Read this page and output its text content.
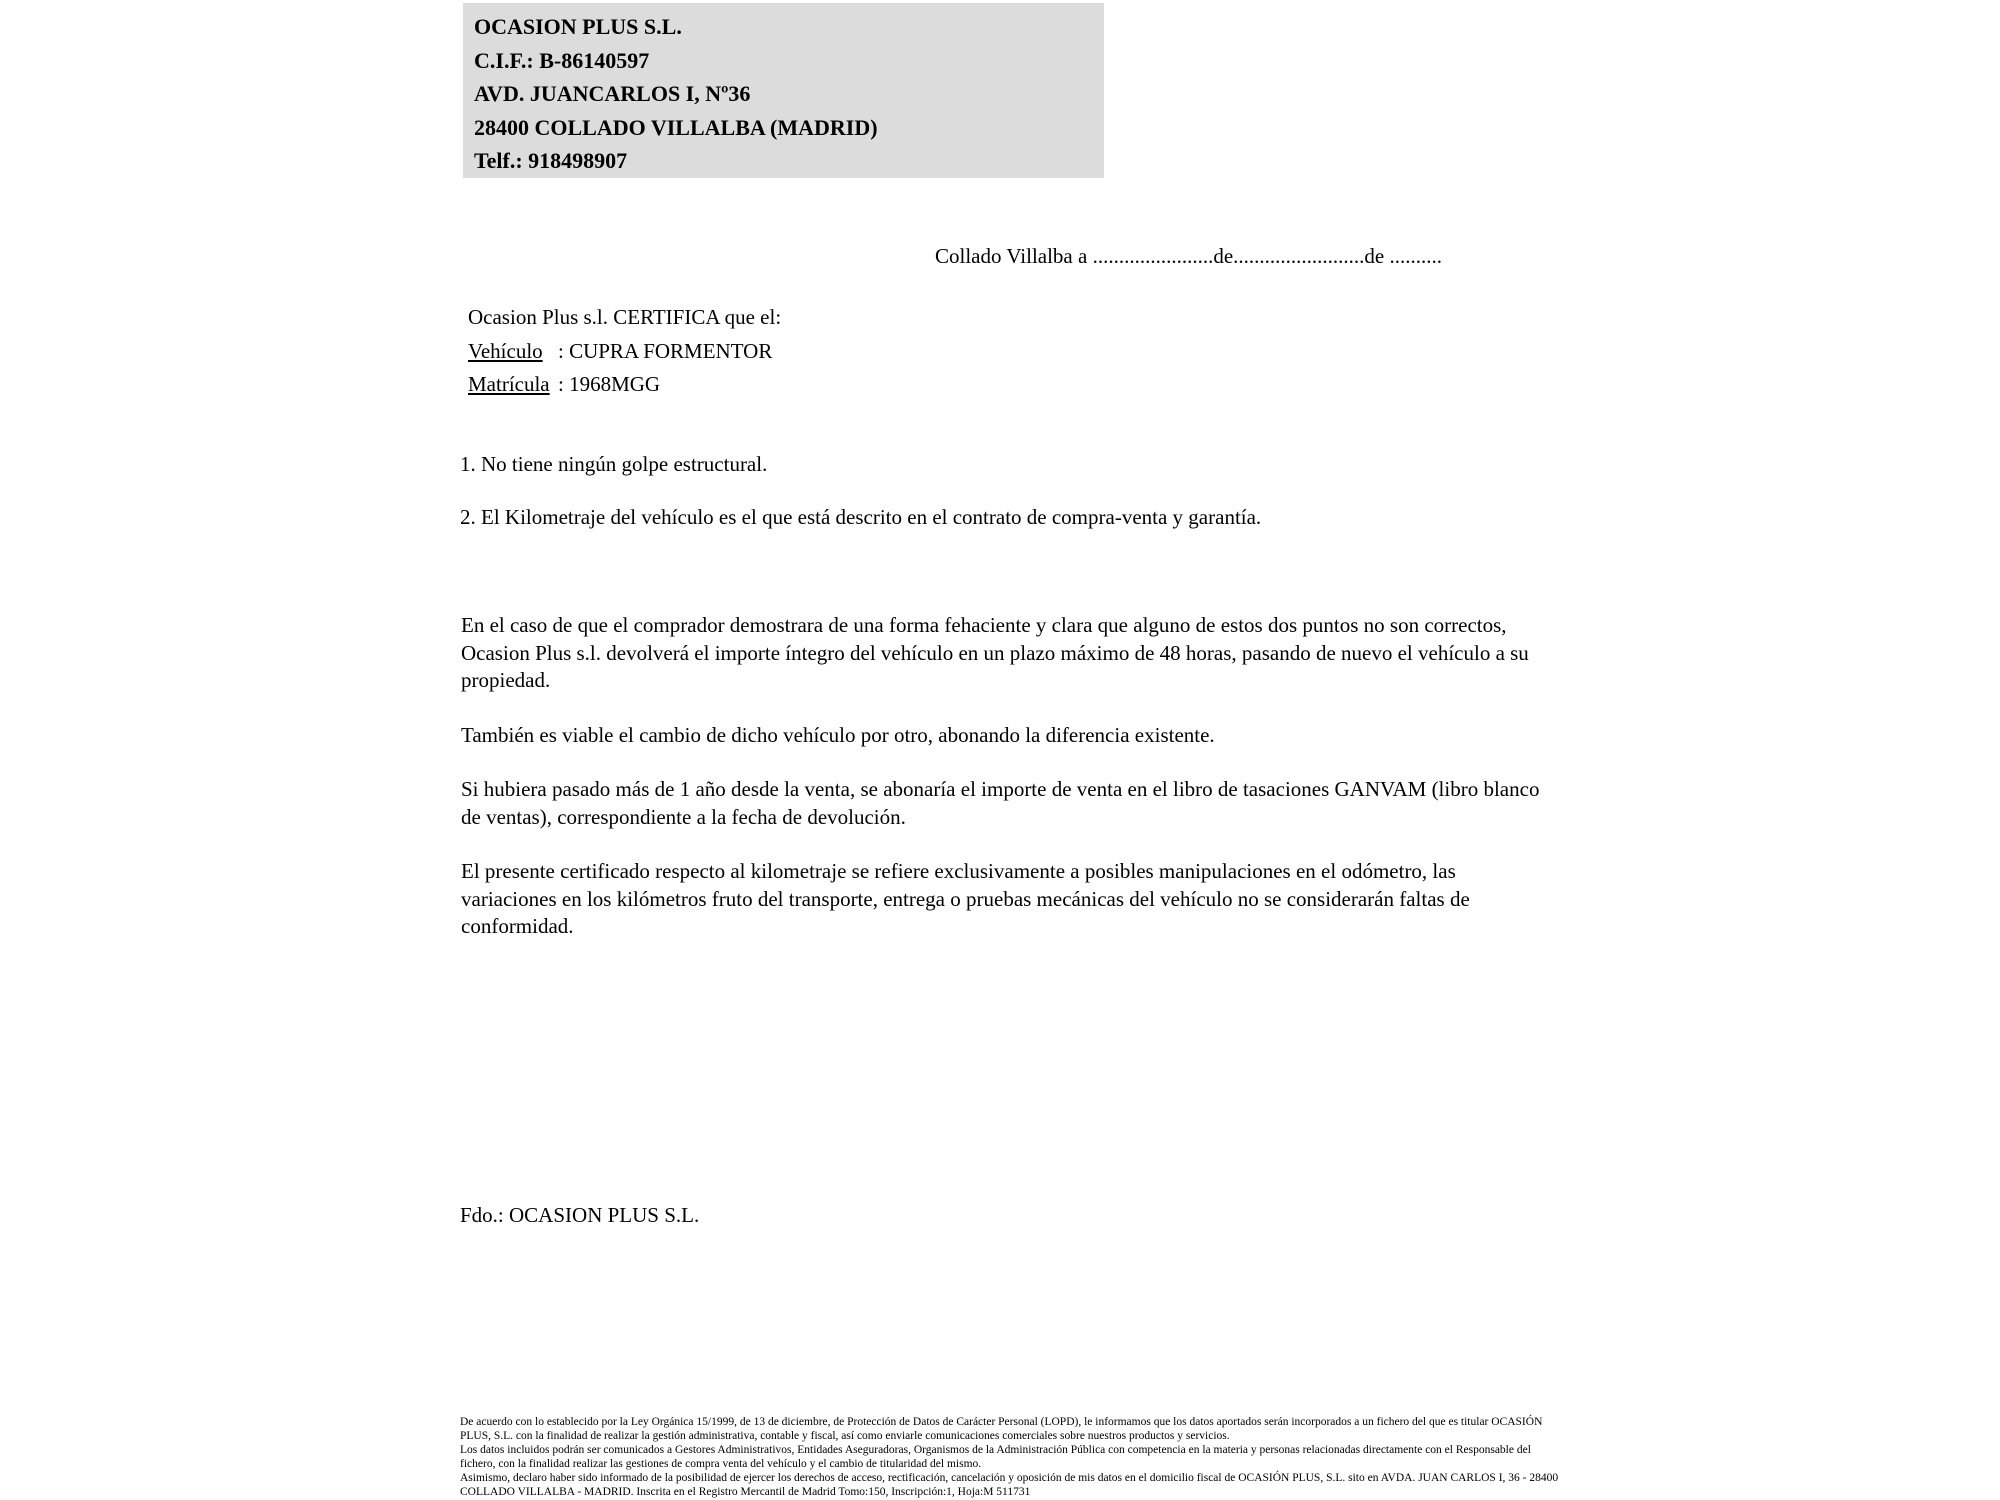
OCASION PLUS S.L.
C.I.F.: B-86140597
AVD. JUANCARLOS I, Nº36
28400 COLLADO VILLALBA (MADRID)
Telf.: 918498907
Collado Villalba a .......................de.........................de ..........
Ocasion Plus s.l. CERTIFICA que el:
Vehículo : CUPRA FORMENTOR
Matrícula : 1968MGG
1. No tiene ningún golpe estructural.
2. El Kilometraje del vehículo es el que está descrito en el contrato de compra-venta y garantía.

En el caso de que el comprador demostrara de una forma fehaciente y clara que alguno de estos dos puntos no son correctos, Ocasion Plus s.l. devolverá el importe íntegro del vehículo en un plazo máximo de 48 horas, pasando de nuevo el vehículo a su propiedad.

También es viable el cambio de dicho vehículo por otro, abonando la diferencia existente.

Si hubiera pasado más de 1 año desde la venta, se abonaría el importe de venta en el libro de tasaciones GANVAM (libro blanco de ventas), correspondiente a la fecha de devolución.

El presente certificado respecto al kilometraje se refiere exclusivamente a posibles manipulaciones en el odómetro, las variaciones en los kilómetros fruto del transporte, entrega o pruebas mecánicas del vehículo no se considerarán faltas de conformidad.

Fdo.: OCASION PLUS S.L.
De acuerdo con lo establecido por la Ley Orgánica 15/1999, de 13 de diciembre, de Protección de Datos de Carácter Personal (LOPD), le informamos que los datos aportados serán incorporados a un fichero del que es titular OCASIÓN PLUS, S.L. con la finalidad de realizar la gestión administrativa, contable y fiscal, así como enviarle comunicaciones comerciales sobre nuestros productos y servicios.
Los datos incluidos podrán ser comunicados a Gestores Administrativos, Entidades Aseguradoras, Organismos de la Administración Pública con competencia en la materia y personas relacionadas directamente con el Responsable del fichero, con la finalidad realizar las gestiones de compra venta del vehículo y el cambio de titularidad del mismo.
Asimismo, declaro haber sido informado de la posibilidad de ejercer los derechos de acceso, rectificación, cancelación y oposición de mis datos en el domicilio fiscal de OCASIÓN PLUS, S.L. sito en AVDA. JUAN CARLOS I, 36 - 28400 COLLADO VILLALBA - MADRID. Inscrita en el Registro Mercantil de Madrid Tomo:150, Inscripción:1, Hoja:M 511731
